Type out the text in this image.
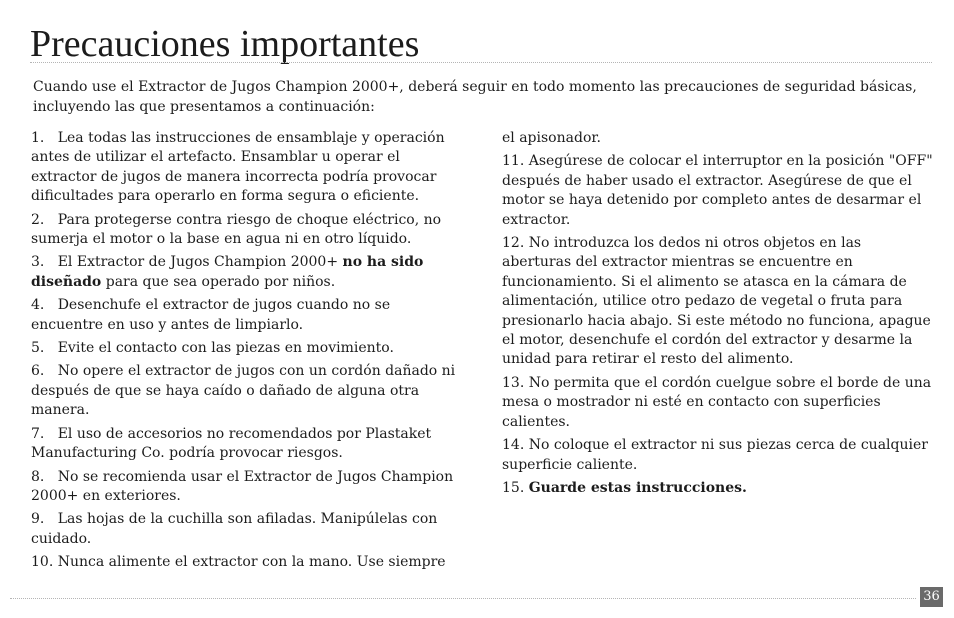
Precauciones importantes

Cuando use el Extractor de Jugos Champion 2000+, deberá seguir en todo momento las precauciones de seguridad básicas, incluyendo las que presentamos a continuación:

1.   Lea todas las instrucciones de ensamblaje y operación antes de utilizar el artefacto. Ensamblar u operar el extractor de jugos de manera incorrecta podría provocar dificultades para operarlo en forma segura o eficiente.

2.   Para protegerse contra riesgo de choque eléctrico, no sumerja el motor o la base en agua ni en otro líquido.

3.   El Extractor de Jugos Champion 2000+ no ha sido diseñado para que sea operado por niños.

4.   Desenchufe el extractor de jugos cuando no se encuentre en uso y antes de limpiarlo.

5.   Evite el contacto con las piezas en movimiento.

6.   No opere el extractor de jugos con un cordón dañado ni después de que se haya caído o dañado de alguna otra manera.

7.   El uso de accesorios no recomendados por Plastaket Manufacturing Co. podría provocar riesgos.

8.   No se recomienda usar el Extractor de Jugos Champion 2000+ en exteriores.

9.   Las hojas de la cuchilla son afiladas. Manipúlelas con cuidado.

10. Nunca alimente el extractor con la mano. Use siempre

el apisonador.

11. Asegúrese de colocar el interruptor en la posición "OFF" después de haber usado el extractor. Asegúrese de que el motor se haya detenido por completo antes de desarmar el extractor.

12. No introduzca los dedos ni otros objetos en las aberturas del extractor mientras se encuentre en funcionamiento. Si el alimento se atasca en la cámara de alimentación, utilice otro pedazo de vegetal o fruta para presionarlo hacia abajo. Si este método no funciona, apague el motor, desenchufe el cordón del extractor y desarme la unidad para retirar el resto del alimento.

13. No permita que el cordón cuelgue sobre el borde de una mesa o mostrador ni esté en contacto con superficies calientes.

14. No coloque el extractor ni sus piezas cerca de cualquier superficie caliente.

15. Guarde estas instrucciones.

36
